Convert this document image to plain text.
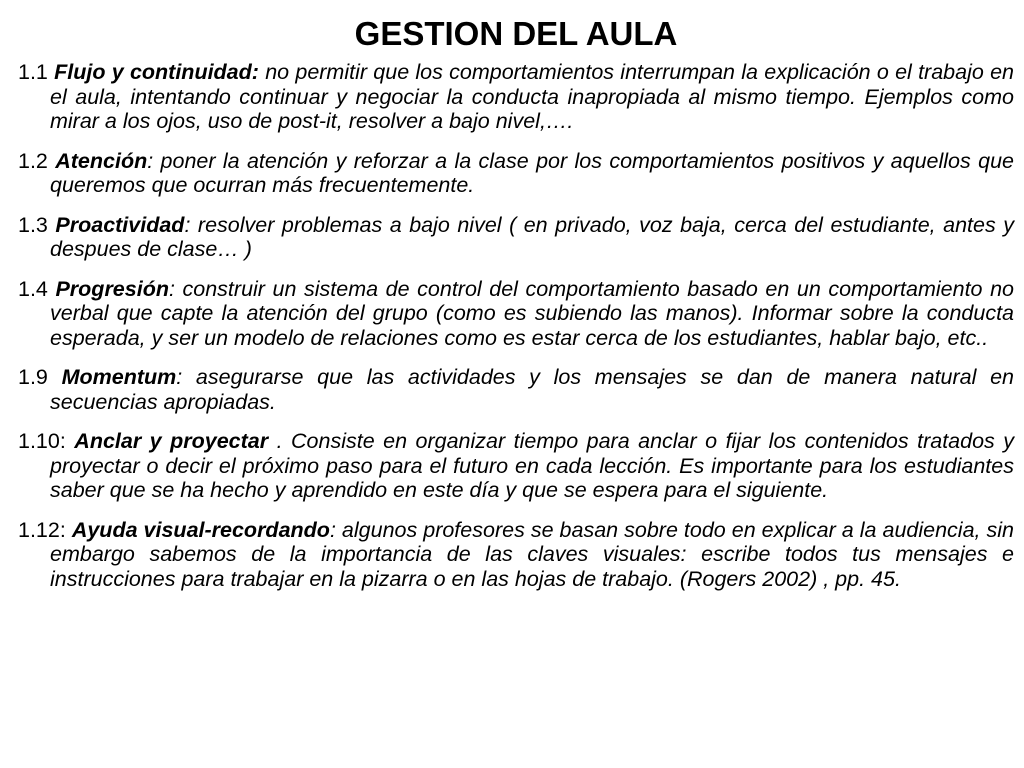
GESTION DEL AULA
1.1 Flujo y continuidad: no permitir que los comportamientos interrumpan la explicación o el trabajo en el aula, intentando continuar y negociar la conducta inapropiada al mismo tiempo. Ejemplos como mirar a los ojos, uso de post-it, resolver a bajo nivel,….
1.2 Atención: poner la atención y reforzar a la clase por los comportamientos positivos y aquellos que queremos que ocurran más frecuentemente.
1.3 Proactividad: resolver problemas a bajo nivel ( en privado, voz baja, cerca del estudiante, antes y despues de clase… )
1.4 Progresión: construir un sistema de control del comportamiento basado en un comportamiento no verbal que capte la atención del grupo (como es subiendo las manos). Informar sobre la conducta esperada, y ser un modelo de relaciones como es estar cerca de los estudiantes, hablar bajo, etc..
1.9 Momentum: asegurarse que las actividades y los mensajes se dan de manera natural en secuencias apropiadas.
1.10: Anclar y proyectar . Consiste en organizar tiempo para anclar o fijar los contenidos tratados y proyectar o decir el próximo paso para el futuro en cada lección. Es importante para los estudiantes saber que se ha hecho y aprendido en este día y que se espera para el siguiente.
1.12: Ayuda visual-recordando: algunos profesores se basan sobre todo en explicar a la audiencia, sin embargo sabemos de la importancia de las claves visuales: escribe todos tus mensajes e instrucciones para trabajar en la pizarra o en las hojas de trabajo. (Rogers 2002) , pp. 45.
